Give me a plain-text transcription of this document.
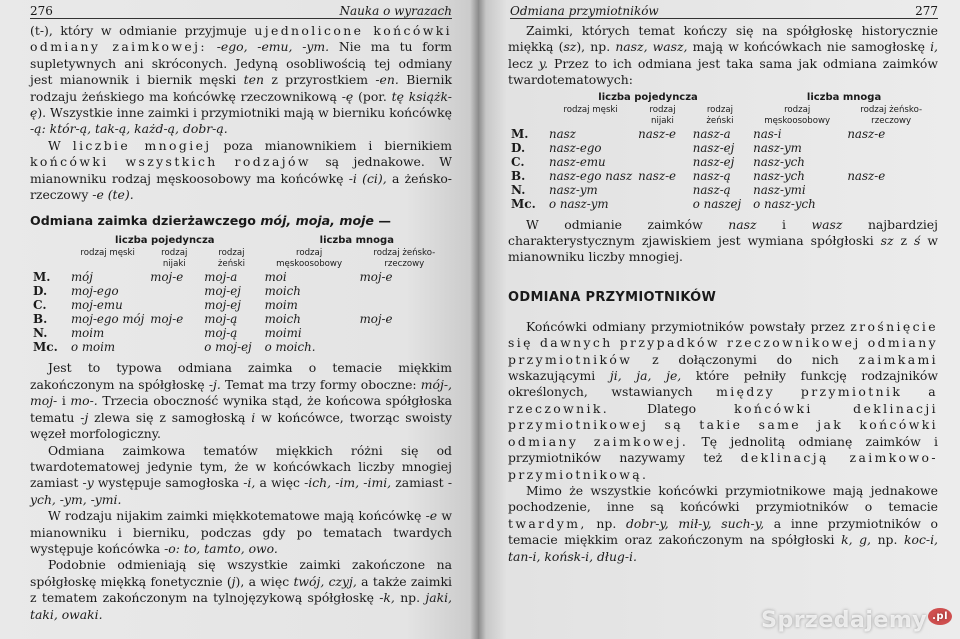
276	Nauka o wyrazach

(t-), który w odmianie przyjmuje ujednolicone końcówki odmiany zaimkowej: -ego, -emu, -ym. Nie ma tu form supletywnych ani skróconych. Jedyną osobliwością tej odmiany jest mianownik i biernik męski ten z przyrostkiem -en. Biernik rodzaju żeńskiego ma końcówkę rzeczownikową -ę (por. tę książk-ę). Wszystkie inne zaimki i przymiotniki mają w bierniku końcówkę -ą: któr-ą, tak-ą, każd-ą, dobr-ą.

W liczbie mnogiej poza mianownikiem i biernikiem końcówki wszystkich rodzajów są jednakowe. W mianowniku rodzaj męskoosobowy ma końcówkę -i (ci), a żeńsko-rzeczowy -e (te).

Odmiana zaimka dzierżawczego mój, moja, moje —
	liczba pojedyncza			liczba mnoga	
	rodzaj męski	rodzaj nijaki	rodzaj żeński	rodzaj męskoosobowy	rodzaj żeńsko-rzeczowy
M.	mój	moj-e	moj-a	moi	moj-e
D.	moj-ego		moj-ej	moich	
C.	moj-emu		moj-ej	moim	
B.	moj-ego mój	moj-e	moj-ą	moich	moj-e
N.	moim		moj-ą	moimi	
Mc.	o moim		o moj-ej	o moich.	

Jest to typowa odmiana zaimka o temacie miękkim zakończonym na spółgłoskę -j. Temat ma trzy formy oboczne: mój-, moj- i mo-. Trzecia oboczność wynika stąd, że końcowa spółgłoska tematu -j zlewa się z samogłoską i w końcówce, tworząc swoisty węzeł morfologiczny.

Odmiana zaimkowa tematów miękkich różni się od twardotematowej jedynie tym, że w końcówkach liczby mnogiej zamiast -y występuje samogłoska -i, a więc -ich, -im, -imi, zamiast -ych, -ym, -ymi.

W rodzaju nijakim zaimki miękkotematowe mają końcówkę -e w mianowniku i bierniku, podczas gdy po tematach twardych występuje końcówka -o: to, tamto, owo.

Podobnie odmieniają się wszystkie zaimki zakończone na spółgłoskę miękką fonetycznie (j), a więc twój, czyj, a także zaimki z tematem zakończonym na tylnojęzykową spółgłoskę -k, np. jaki, taki, owaki.

Odmiana przymiotników	277

Zaimki, których temat kończy się na spółgłoskę historycznie miękką (sz), np. nasz, wasz, mają w końcówkach nie samogłoskę i, lecz y. Przez to ich odmiana jest taka sama jak odmiana zaimków twardotematowych:

	liczba pojedyncza			liczba mnoga	
	rodzaj męski	rodzaj nijaki	rodzaj żeński	rodzaj męskoosobowy	rodzaj żeńsko-rzeczowy
M.	nasz	nasz-e	nasz-a	nas-i	nasz-e
D.	nasz-ego		nasz-ej	nasz-ym	
C.	nasz-emu		nasz-ej	nasz-ych	
B.	nasz-ego nasz	nasz-e	nasz-ą	nasz-ych	nasz-e
N.	nasz-ym		nasz-ą	nasz-ymi	
Mc.	o nasz-ym		o naszej	o nasz-ych	

W odmianie zaimków nasz i wasz najbardziej charakterystycznym zjawiskiem jest wymiana spółgłoski sz z ś w mianowniku liczby mnogiej.

ODMIANA PRZYMIOTNIKÓW

Końcówki odmiany przymiotników powstały przez zrośnięcie się dawnych przypadków rzeczownikowej odmiany przymiotników z dołączonymi do nich zaimkami wskazującymi ji, ja, je, które pełniły funkcję rodzajników określonych, wstawianych między przymiotnik a rzeczownik. Dlatego końcówki deklinacji przymiotnikowej są takie same jak końcówki odmiany zaimkowej. Tę jednolitą odmianę zaimków i przymiotników nazywamy też deklinacją zaimkowo-przymiotnikową.

Mimo że wszystkie końcówki przymiotnikowe mają jednakowe pochodzenie, inne są końcówki przymiotników o temacie twardym, np. dobr-y, mił-y, such-y, a inne przymiotników o temacie miękkim oraz zakończonym na spółgłoski k, g, np. koc-i, tan-i, końsk-i, dług-i.

Sprzedajemy .pl
